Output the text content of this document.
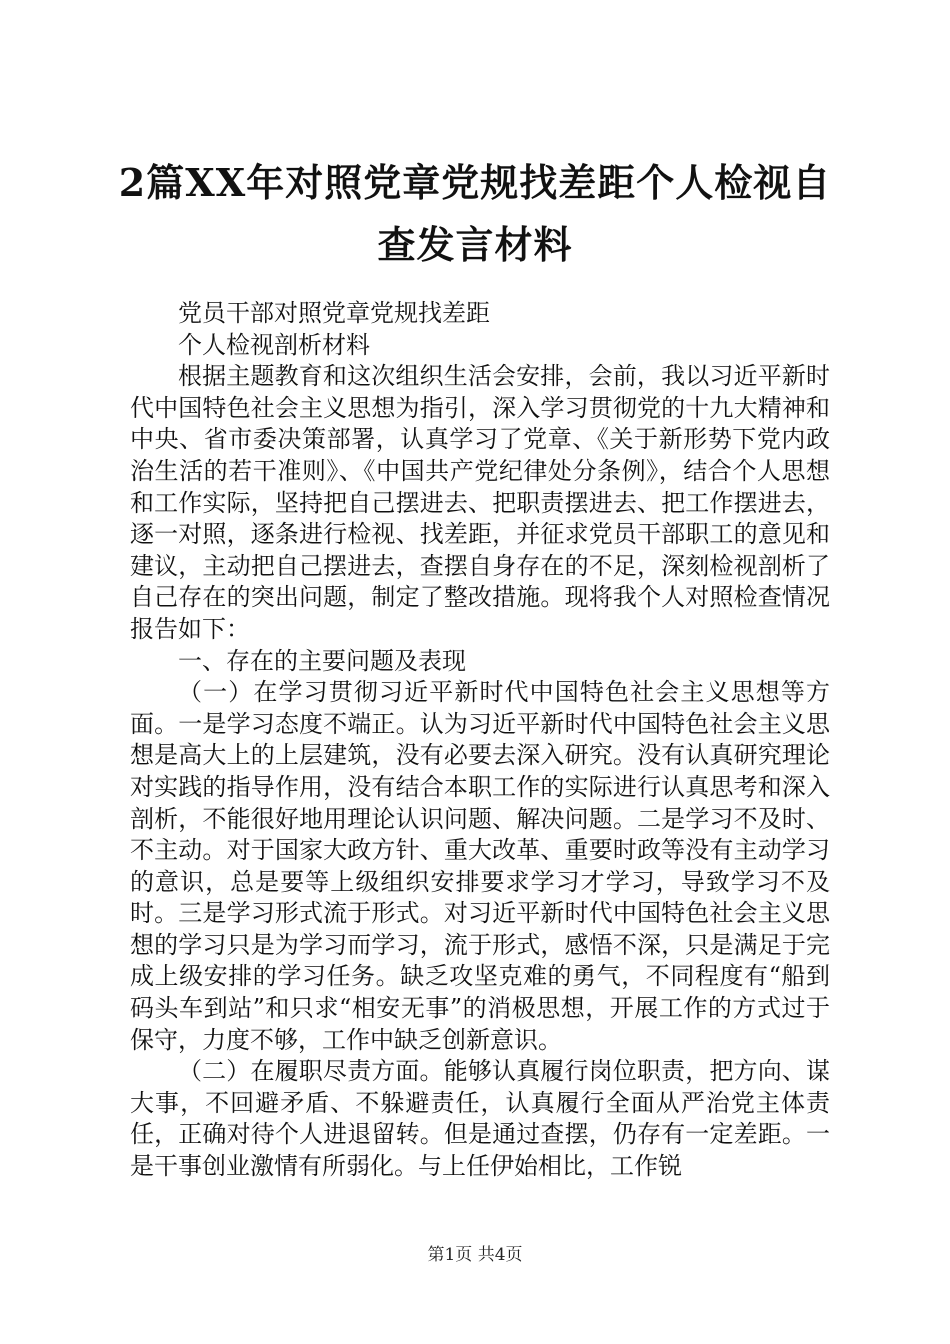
2篇XX年对照党章党规找差距个人检视自查发言材料

党员干部对照党章党规找差距

个人检视剖析材料

根据主题教育和这次组织生活会安排，会前，我以习近平新时代中国特色社会主义思想为指引，深入学习贯彻党的十九大精神和中央、省市委决策部署，认真学习了党章、《关于新形势下党内政治生活的若干准则》、《中国共产党纪律处分条例》，结合个人思想和工作实际，坚持把自己摆进去、把职责摆进去、把工作摆进去，逐一对照，逐条进行检视、找差距，并征求党员干部职工的意见和建议，主动把自己摆进去，查摆自身存在的不足，深刻检视剖析了自己存在的突出问题，制定了整改措施。现将我个人对照检查情况报告如下：

一、存在的主要问题及表现

（一）在学习贯彻习近平新时代中国特色社会主义思想等方面。一是学习态度不端正。认为习近平新时代中国特色社会主义思想是高大上的上层建筑，没有必要去深入研究。没有认真研究理论对实践的指导作用，没有结合本职工作的实际进行认真思考和深入剖析，不能很好地用理论认识问题、解决问题。二是学习不及时、不主动。对于国家大政方针、重大改革、重要时政等没有主动学习的意识，总是要等上级组织安排要求学习才学习，导致学习不及时。三是学习形式流于形式。对习近平新时代中国特色社会主义思想的学习只是为学习而学习，流于形式，感悟不深，只是满足于完成上级安排的学习任务。缺乏攻坚克难的勇气，不同程度有“船到码头车到站”和只求“相安无事”的消极思想，开展工作的方式过于保守，力度不够，工作中缺乏创新意识。

（二）在履职尽责方面。能够认真履行岗位职责，把方向、谋大事，不回避矛盾、不躲避责任，认真履行全面从严治党主体责任，正确对待个人进退留转。但是通过查摆，仍存有一定差距。一是干事创业激情有所弱化。与上任伊始相比，工作锐

第1页 共4页
